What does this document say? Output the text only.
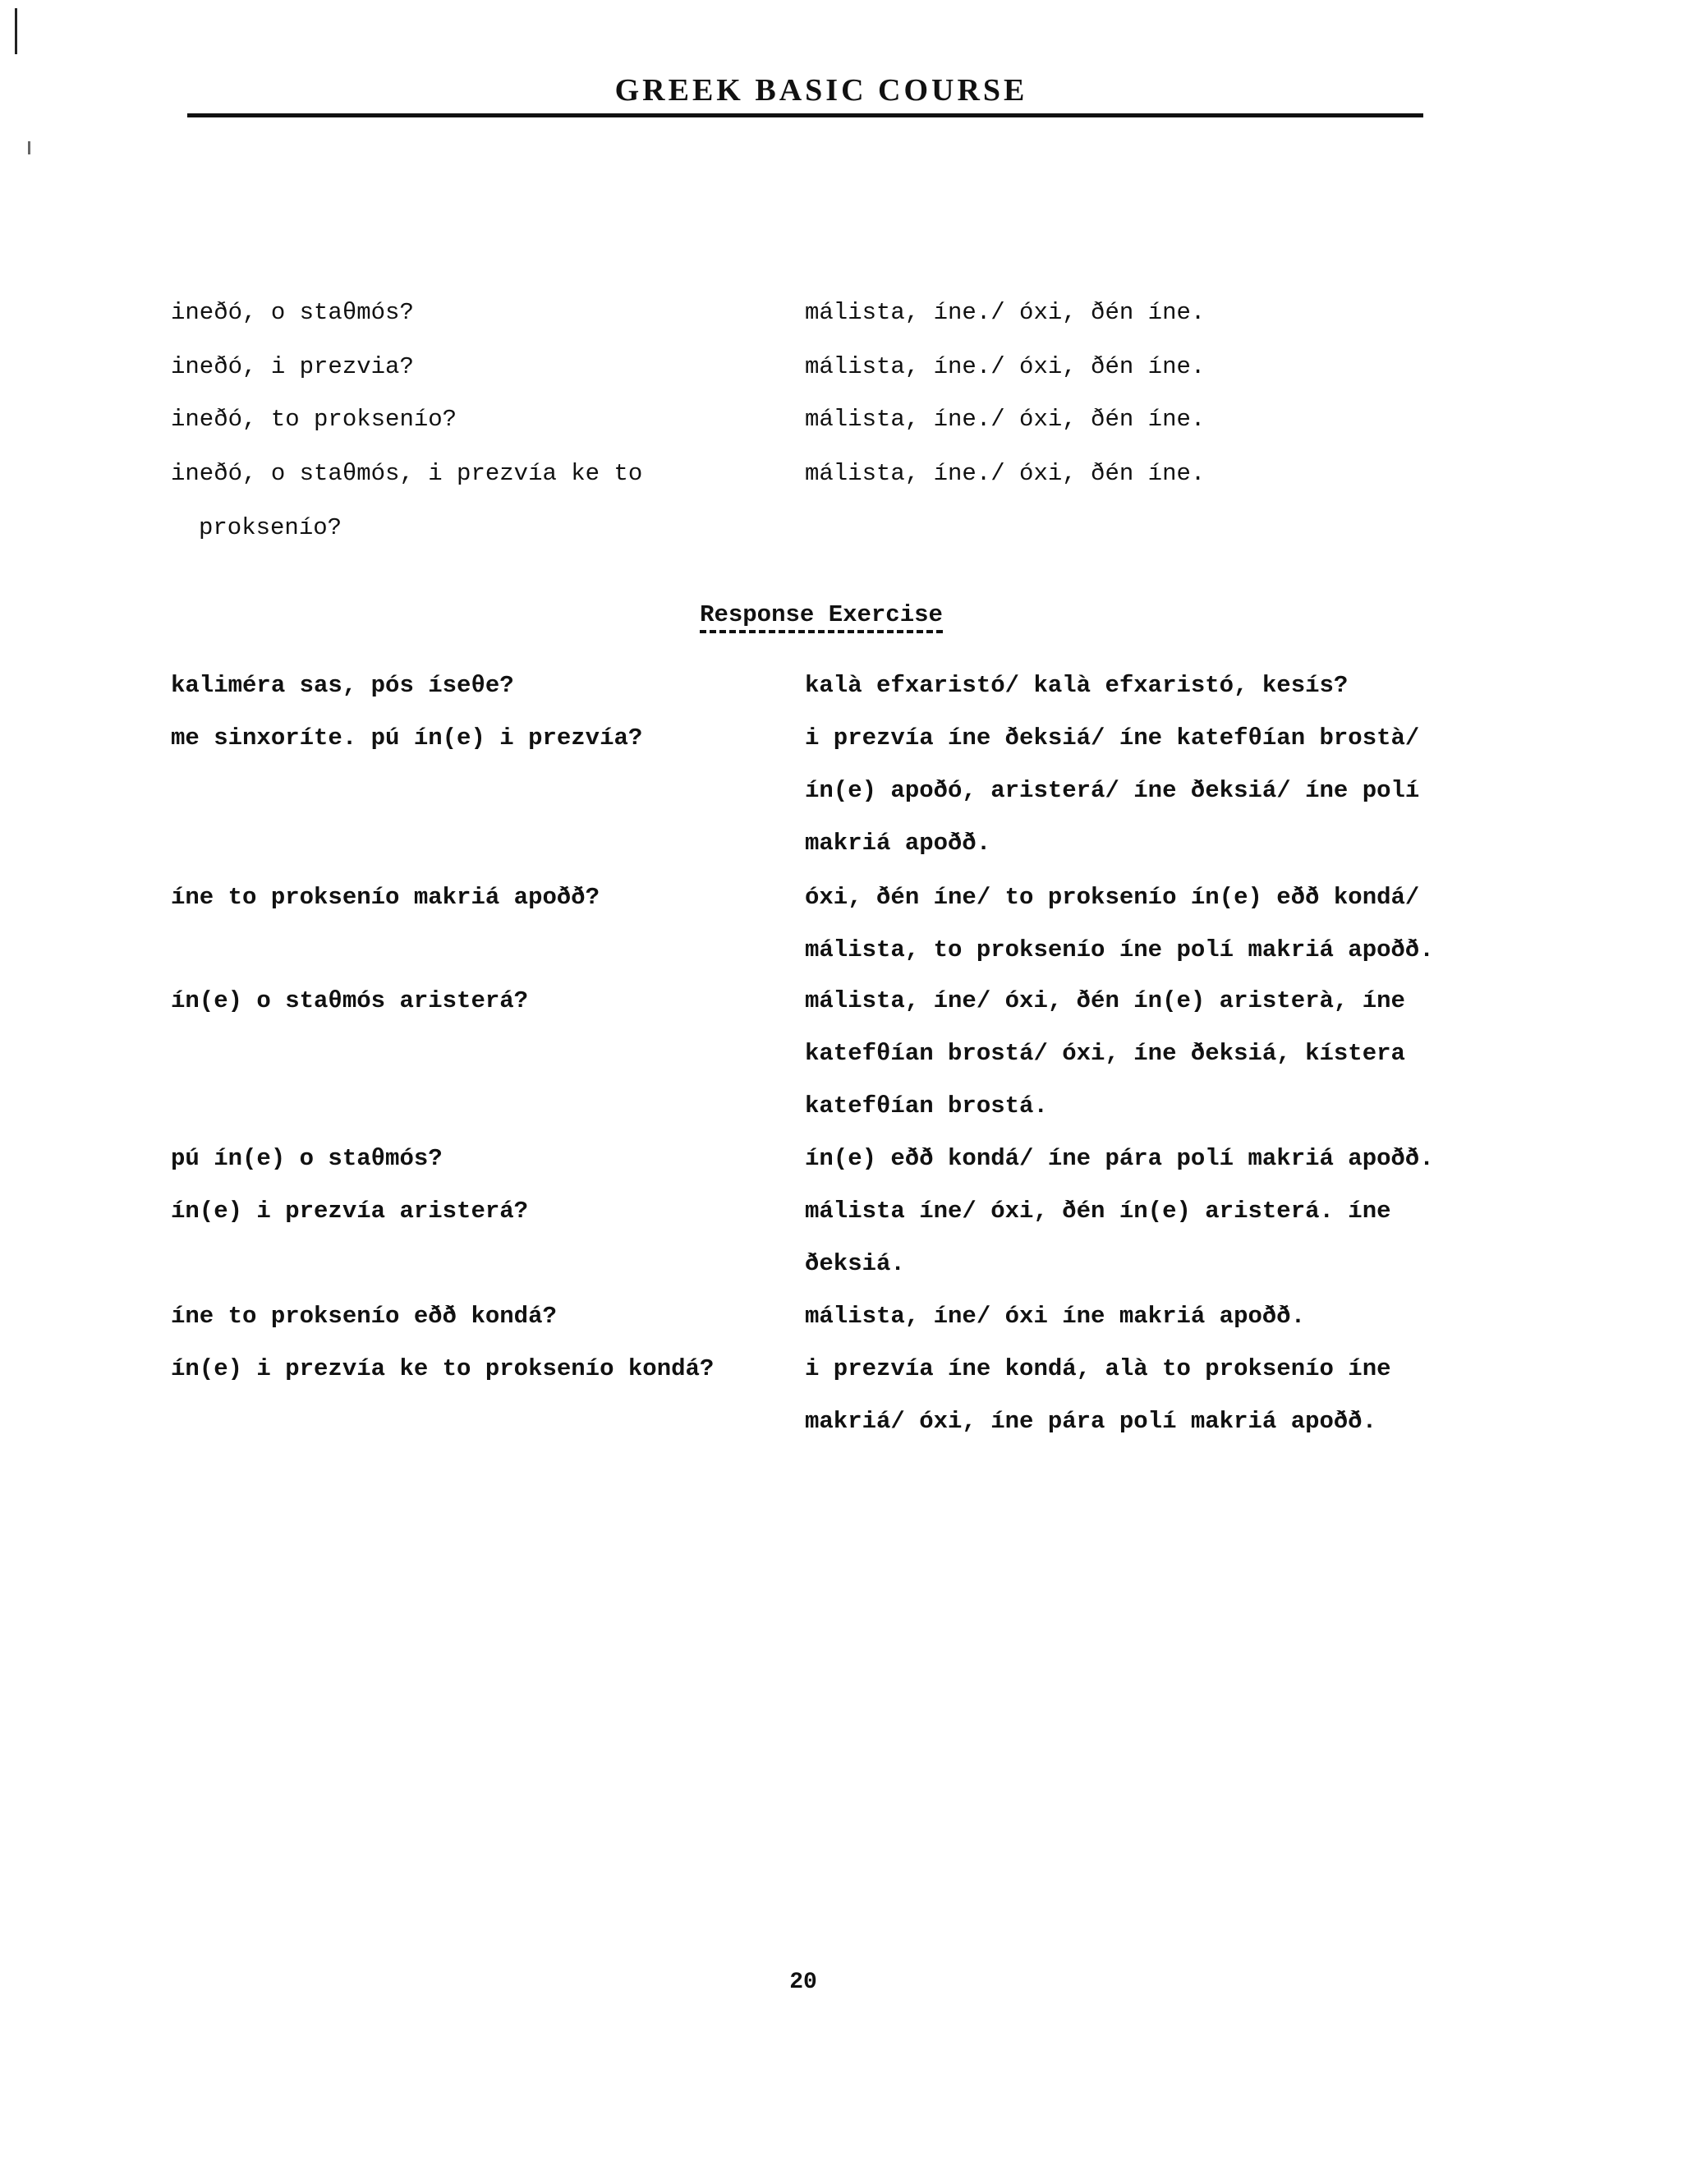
GREEK BASIC COURSE
ineðó, o staθmós?
ineðó, i prezvia?
ineðó, to proksenío?
ineðó, o staθmós, i prezvía ke to
proksenío?
málista, íne./ óxi, ðén íne.
málista, íne./ óxi, ðén íne.
málista, íne./ óxi, ðén íne.
málista, íne./ óxi, ðén íne.
Response Exercise
kaliméra sas, pós íseθe?
me sinxoríte. pú ín(e) i prezvía?
íne to proksenío makriá apoðð?
ín(e) o staθmós aristerá?
pú ín(e) o staθmós?
ín(e) i prezvía aristerá?
íne to proksenío eðð kondá?
ín(e) i prezvía ke to proksenío kondá?
kalà efxaristó/ kalà efxaristó, kesís?
i prezvía íne ðeksiá/ íne katefθían brostà/
ín(e) apoðó, aristerá/ íne ðeksiá/ íne polí
makriá apoðð.
óxi, ðén íne/ to proksenío ín(e) eðð kondá/
málista, to proksenío íne polí makriá apoðð.
málista, íne/ óxi, ðén ín(e) aristerà, íne
katefθían brostá/ óxi, íne ðeksiá, kístera
katefθían brostá.
ín(e) eðð kondá/ íne pára polí makriá apoðð.
málista íne/ óxi, ðén ín(e) aristerá. íne
ðeksiá.
málista, íne/ óxi íne makriá apoðð.
i prezvía íne kondá, alà to proksenío íne
makriá/ óxi, íne pára polí makriá apoðð.
20
